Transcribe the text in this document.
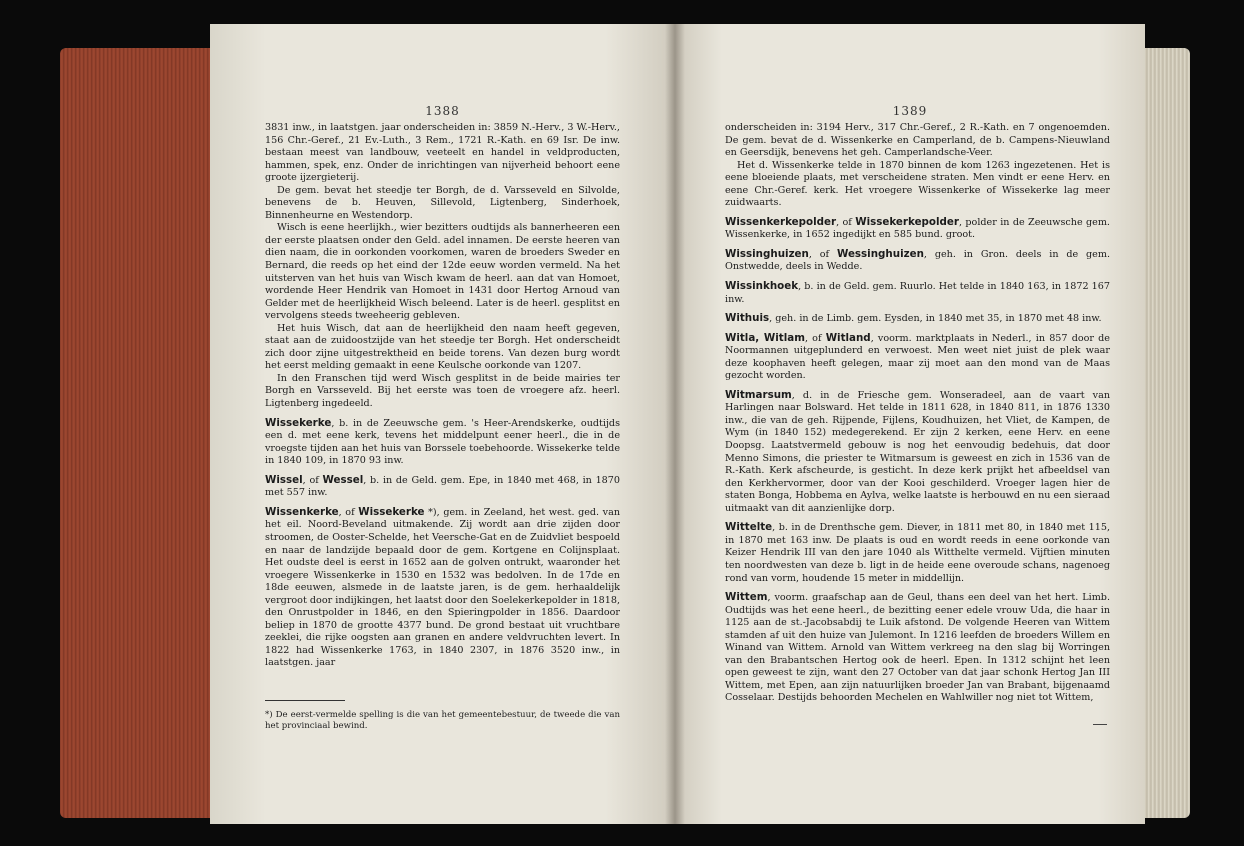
1388

3831 inw., in laatstgen. jaar onderscheiden in: 3859 N.-Herv., 3 W.-Herv., 156 Chr.-Geref., 21 Ev.-Luth., 3 Rem., 1721 R.-Kath. en 69 Isr. De inw. bestaan meest van landbouw, veeteelt en handel in veldproducten, hammen, spek, enz. Onder de inrichtingen van nijverheid behoort eene groote ijzergieterij.

De gem. bevat het steedje ter Borgh, de d. Varsseveld en Silvolde, benevens de b. Heuven, Sillevold, Ligtenberg, Sinderhoek, Binnenheurne en Westendorp.

Wisch is eene heerlijkh., wier bezitters oudtijds als bannerheeren een der eerste plaatsen onder den Geld. adel innamen. De eerste heeren van dien naam, die in oorkonden voorkomen, waren de broeders Sweder en Bernard, die reeds op het eind der 12de eeuw worden vermeld. Na het uitsterven van het huis van Wisch kwam de heerl. aan dat van Homoet, wordende Heer Hendrik van Homoet in 1431 door Hertog Arnoud van Gelder met de heerlijkheid Wisch beleend. Later is de heerl. gesplitst en vervolgens steeds tweeheerig gebleven.

Het huis Wisch, dat aan de heerlijkheid den naam heeft gegeven, staat aan de zuidoostzijde van het steedje ter Borgh. Het onderscheidt zich door zijne uitgestrektheid en beide torens. Van dezen burg wordt het eerst melding gemaakt in eene Keulsche oorkonde van 1207.

In den Franschen tijd werd Wisch gesplitst in de beide mairies ter Borgh en Varsseveld. Bij het eerste was toen de vroegere afz. heerl. Ligtenberg ingedeeld.

Wissekerke, b. in de Zeeuwsche gem. 's Heer-Arendskerke, oudtijds een d. met eene kerk, tevens het middelpunt eener heerl., die in de vroegste tijden aan het huis van Borssele toebehoorde. Wissekerke telde in 1840 109, in 1870 93 inw.

Wissel, of Wessel, b. in de Geld. gem. Epe, in 1840 met 468, in 1870 met 557 inw.

Wissenkerke, of Wissekerke *), gem. in Zeeland, het west. ged. van het eil. Noord-Beveland uitmakende. Zij wordt aan drie zijden door stroomen, de Ooster-Schelde, het Veersche-Gat en de Zuidvliet bespoeld en naar de landzijde bepaald door de gem. Kortgene en Colijnsplaat. Het oudste deel is eerst in 1652 aan de golven ontrukt, waaronder het vroegere Wissenkerke in 1530 en 1532 was bedolven. In de 17de en 18de eeuwen, alsmede in de laatste jaren, is de gem. herhaaldelijk vergroot door indijkingen, het laatst door den Soelekerkepolder in 1818, den Onrustpolder in 1846, en den Spieringpolder in 1856. Daardoor beliep in 1870 de grootte 4377 bund. De grond bestaat uit vruchtbare zeeklei, die rijke oogsten aan granen en andere veldvruchten levert. In 1822 had Wissenkerke 1763, in 1840 2307, in 1876 3520 inw., in laatstgen. jaar

*) De eerst-vermelde spelling is die van het gemeentebestuur, de tweede die van het provinciaal bewind.
1389

onderscheiden in: 3194 Herv., 317 Chr.-Geref., 2 R.-Kath. en 7 ongenoemden. De gem. bevat de d. Wissenkerke en Camperland, de b. Campens-Nieuwland en Geersdijk, benevens het geh. Camperlandsche-Veer.

Het d. Wissenkerke telde in 1870 binnen de kom 1263 ingezetenen. Het is eene bloeiende plaats, met verscheidene straten. Men vindt er eene Herv. en eene Chr.-Geref. kerk. Het vroegere Wissenkerke of Wissekerke lag meer zuidwaarts.

Wissenkerkepolder, of Wissekerkepolder, polder in de Zeeuwsche gem. Wissenkerke, in 1652 ingedijkt en 585 bund. groot.

Wissinghuizen, of Wessinghuizen, geh. in Gron. deels in de gem. Onstwedde, deels in Wedde.

Wissinkhoek, b. in de Geld. gem. Ruurlo. Het telde in 1840 163, in 1872 167 inw.

Withuis, geh. in de Limb. gem. Eysden, in 1840 met 35, in 1870 met 48 inw.

Witla, Witlam, of Witland, voorm. marktplaats in Nederl., in 857 door de Noormannen uitgeplunderd en verwoest. Men weet niet juist de plek waar deze koophaven heeft gelegen, maar zij moet aan den mond van de Maas gezocht worden.

Witmarsum, d. in de Friesche gem. Wonseradeel, aan de vaart van Harlingen naar Bolsward. Het telde in 1811 628, in 1840 811, in 1876 1330 inw., die van de geh. Rijpende, Fijlens, Koudhuizen, het Vliet, de Kampen, de Wym (in 1840 152) medegerekend. Er zijn 2 kerken, eene Herv. en eene Doopsg. Laatstvermeld gebouw is nog het eenvoudig bedehuis, dat door Menno Simons, die priester te Witmarsum is geweest en zich in 1536 van de R.-Kath. Kerk afscheurde, is gesticht. In deze kerk prijkt het afbeeldsel van den Kerkhervormer, door van der Kooi geschilderd. Vroeger lagen hier de staten Bonga, Hobbema en Aylva, welke laatste is herbouwd en nu een sieraad uitmaakt van dit aanzienlijke dorp.

Wittelte, b. in de Drenthsche gem. Diever, in 1811 met 80, in 1840 met 115, in 1870 met 163 inw. De plaats is oud en wordt reeds in eene oorkonde van Keizer Hendrik III van den jare 1040 als Witthelte vermeld. Vijftien minuten ten noordwesten van deze b. ligt in de heide eene overoude schans, nagenoeg rond van vorm, houdende 15 meter in middellijn.

Wittem, voorm. graafschap aan de Geul, thans een deel van het hert. Limb. Oudtijds was het eene heerl., de bezitting eener edele vrouw Uda, die haar in 1125 aan de st.-Jacobsabdij te Luik afstond. De volgende Heeren van Wittem stamden af uit den huize van Julemont. In 1216 leefden de broeders Willem en Winand van Wittem. Arnold van Wittem verkreeg na den slag bij Worringen van den Brabantschen Hertog ook de heerl. Epen. In 1312 schijnt het leen open geweest te zijn, want den 27 October van dat jaar schonk Hertog Jan III Wittem, met Epen, aan zijn natuurlijken broeder Jan van Brabant, bijgenaamd Cosselaar. Destijds behoorden Mechelen en Wahlwiller nog niet tot Wittem,
